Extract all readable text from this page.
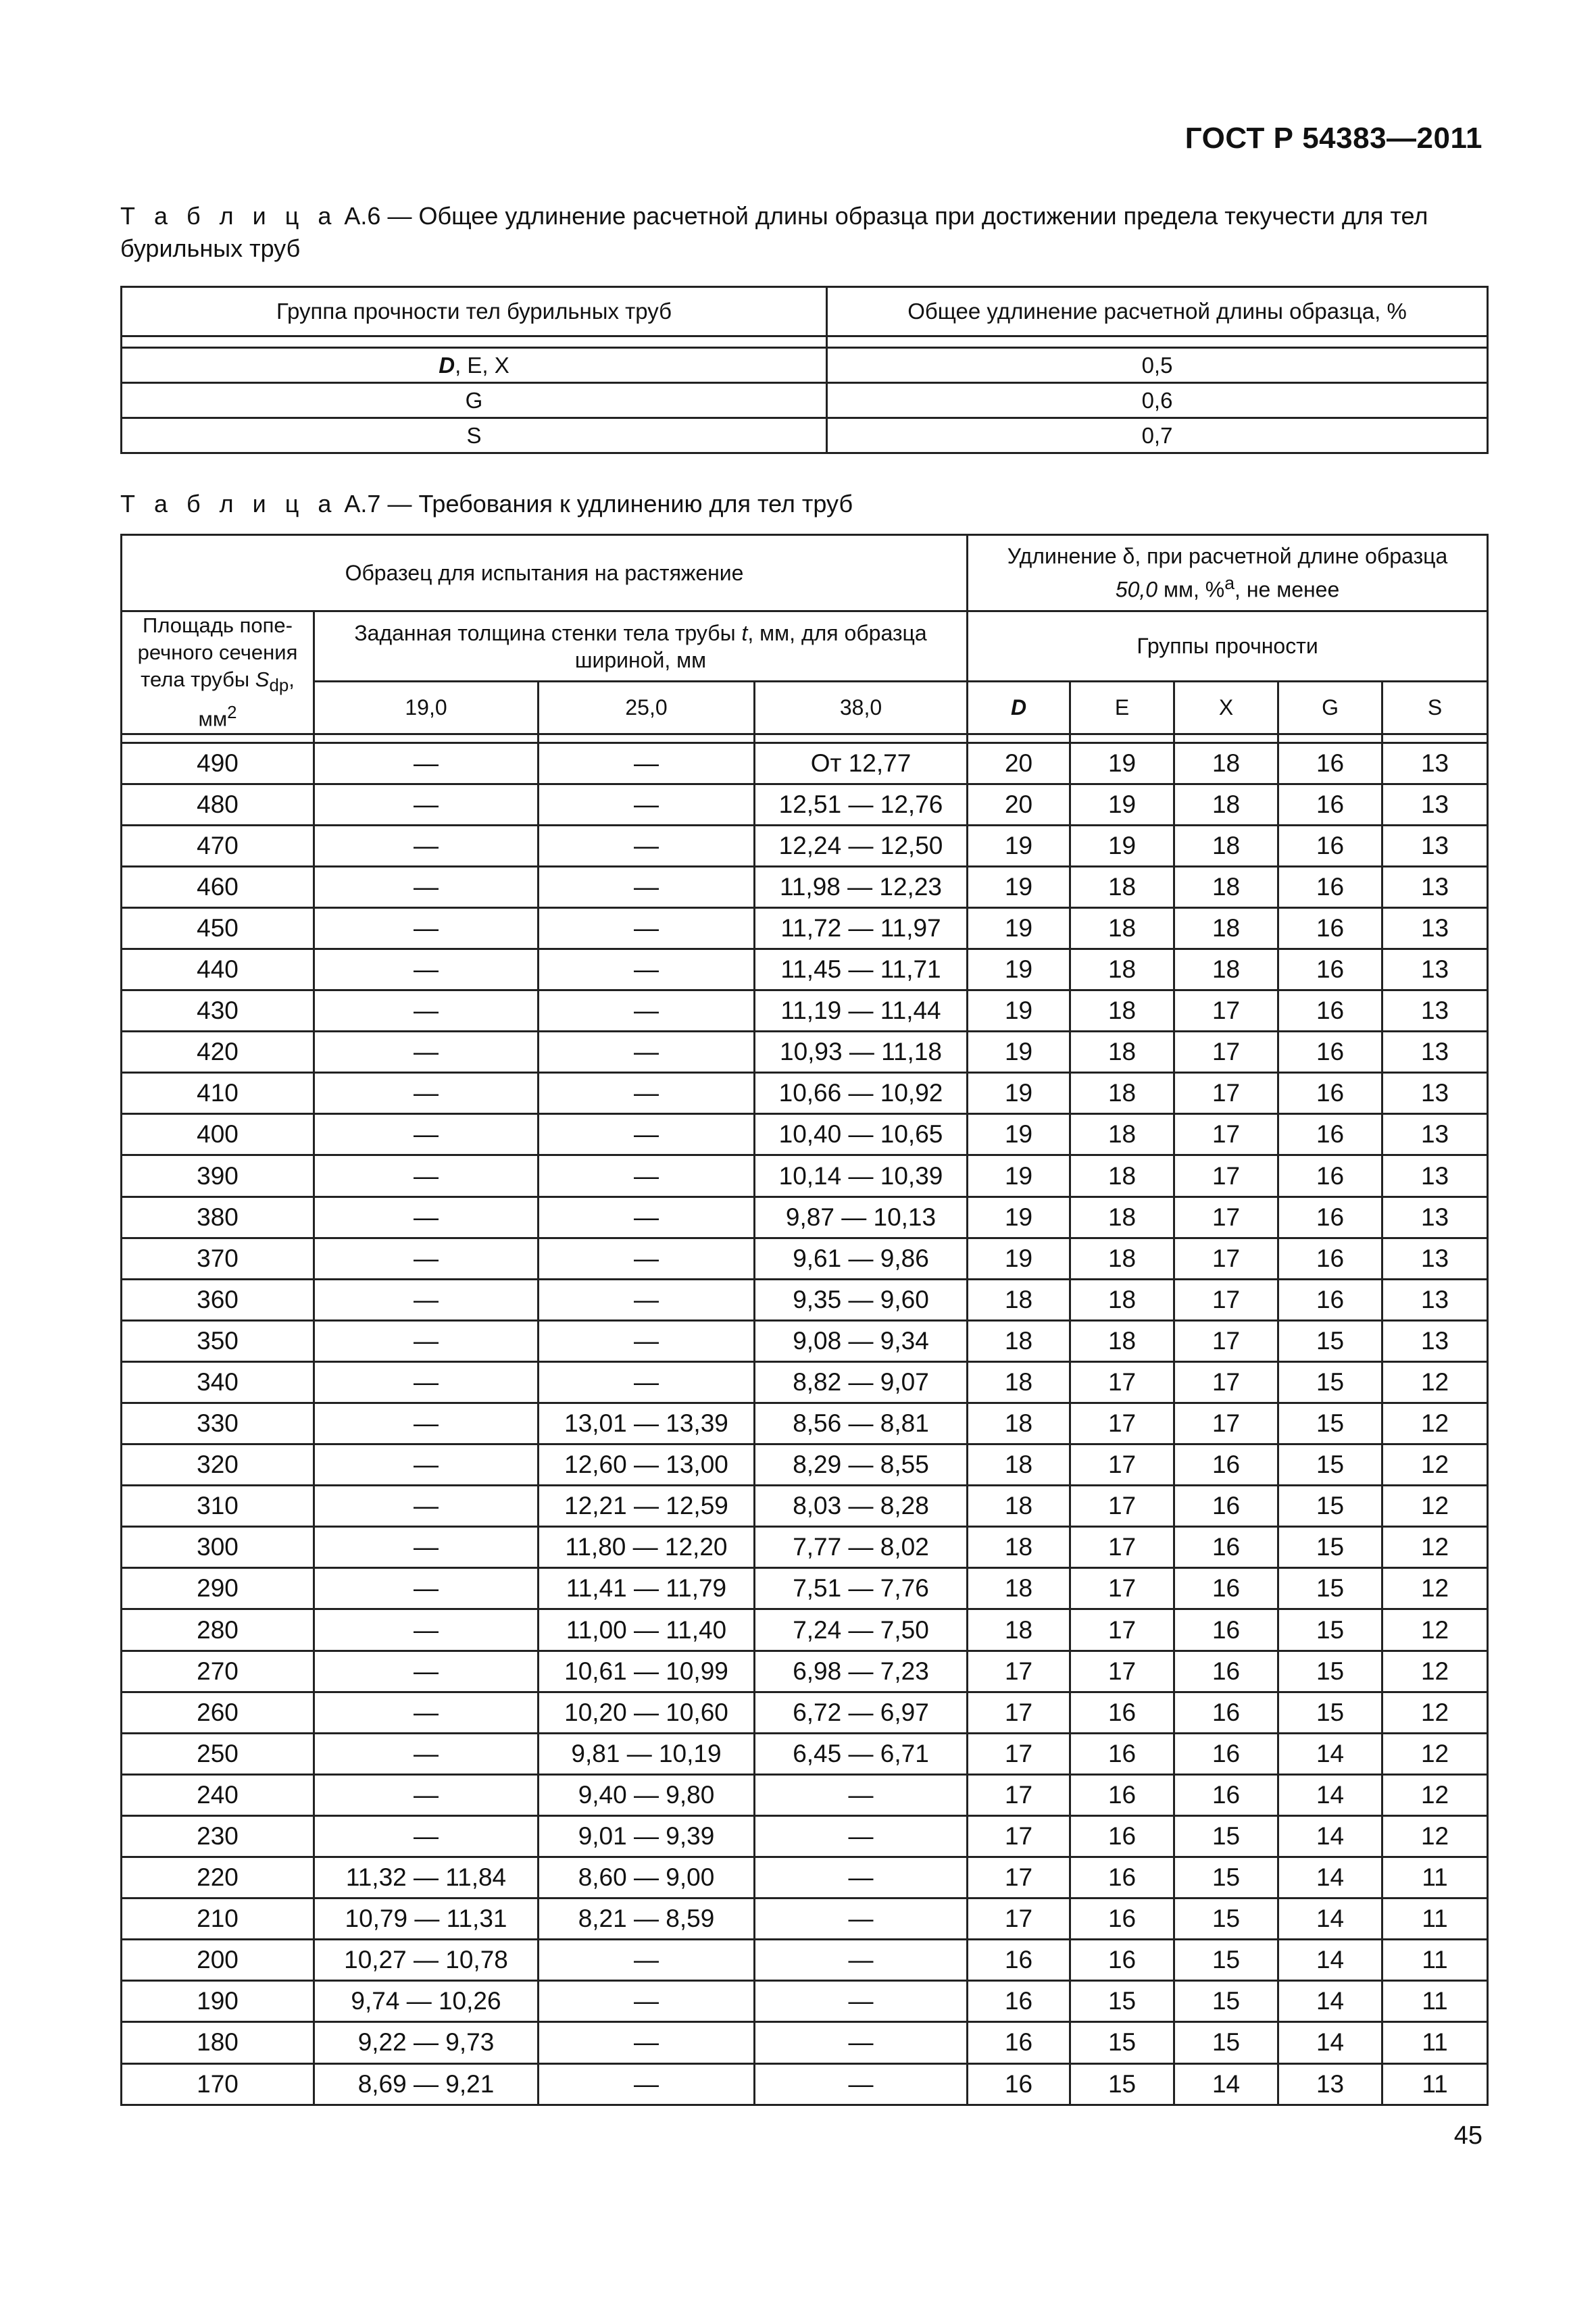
ГОСТ Р 54383—2011
Т а б л и ц а А.6 — Общее удлинение расчетной длины образца при достижении предела текучести для тел бурильных труб
Группа прочности тел бурильных труб	Общее удлинение расчетной длины образца, %

D, E, X	0,5
G	0,6
S	0,7
Т а б л и ц а А.7 — Требования к удлинению для тел труб
Образец для испытания на растяжение				Удлинение δ, при расчетной длине образца
50,0 мм, %$^а$, не менее				
Площадь попе-речного сечения тела трубы $S_{dp}$, $мм^2$	Заданная толщина стенки тела трубы t, мм, для образца шириной, мм			Группы прочности				
	19,0	25,0	38,0	D	E	X	G	S

490	—	—	От 12,77	20	19	18	16	13
480	—	—	12,51 — 12,76	20	19	18	16	13
470	—	—	12,24 — 12,50	19	19	18	16	13
460	—	—	11,98 — 12,23	19	18	18	16	13
450	—	—	11,72 — 11,97	19	18	18	16	13
440	—	—	11,45 — 11,71	19	18	18	16	13
430	—	—	11,19 — 11,44	19	18	17	16	13
420	—	—	10,93 — 11,18	19	18	17	16	13
410	—	—	10,66 — 10,92	19	18	17	16	13
400	—	—	10,40 — 10,65	19	18	17	16	13
390	—	—	10,14 — 10,39	19	18	17	16	13
380	—	—	9,87 — 10,13	19	18	17	16	13
370	—	—	9,61 — 9,86	19	18	17	16	13
360	—	—	9,35 — 9,60	18	18	17	16	13
350	—	—	9,08 — 9,34	18	18	17	15	13
340	—	—	8,82 — 9,07	18	17	17	15	12
330	—	13,01 — 13,39	8,56 — 8,81	18	17	17	15	12
320	—	12,60 — 13,00	8,29 — 8,55	18	17	16	15	12
310	—	12,21 — 12,59	8,03 — 8,28	18	17	16	15	12
300	—	11,80 — 12,20	7,77 — 8,02	18	17	16	15	12
290	—	11,41 — 11,79	7,51 — 7,76	18	17	16	15	12
280	—	11,00 — 11,40	7,24 — 7,50	18	17	16	15	12
270	—	10,61 — 10,99	6,98 — 7,23	17	17	16	15	12
260	—	10,20 — 10,60	6,72 — 6,97	17	16	16	15	12
250	—	9,81 — 10,19	6,45 — 6,71	17	16	16	14	12
240	—	9,40 — 9,80	—	17	16	16	14	12
230	—	9,01 — 9,39	—	17	16	15	14	12
220	11,32 — 11,84	8,60 — 9,00	—	17	16	15	14	11
210	10,79 — 11,31	8,21 — 8,59	—	17	16	15	14	11
200	10,27 — 10,78	—	—	16	16	15	14	11
190	9,74 — 10,26	—	—	16	15	15	14	11
180	9,22 — 9,73	—	—	16	15	15	14	11
170	8,69 — 9,21	—	—	16	15	14	13	11
45
